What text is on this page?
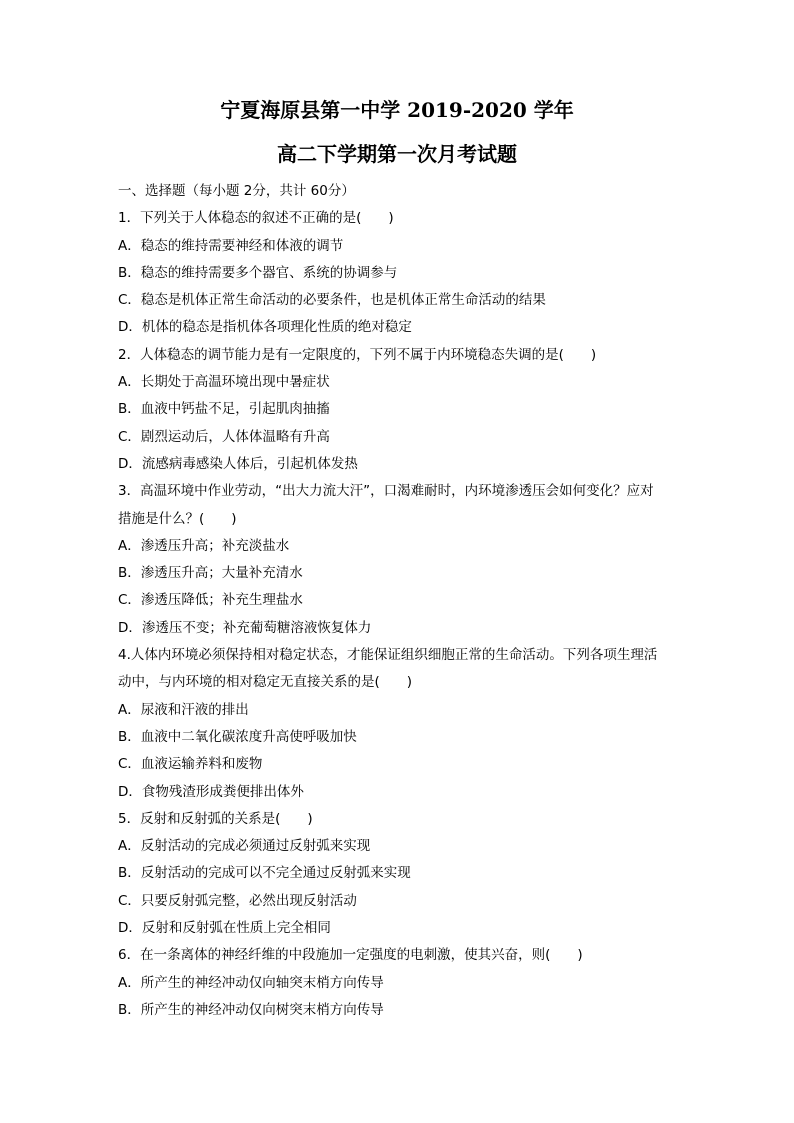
宁夏海原县第一中学 2019-2020 学年
高二下学期第一次月考试题
一、选择题（每小题 2分，共计 60分）
1．下列关于人体稳态的叙述不正确的是(　　)
A．稳态的维持需要神经和体液的调节
B．稳态的维持需要多个器官、系统的协调参与
C．稳态是机体正常生命活动的必要条件，也是机体正常生命活动的结果
D．机体的稳态是指机体各项理化性质的绝对稳定
2．人体稳态的调节能力是有一定限度的，下列不属于内环境稳态失调的是(　　)
A．长期处于高温环境出现中暑症状
B．血液中钙盐不足，引起肌肉抽搐
C．剧烈运动后，人体体温略有升高
D．流感病毒感染人体后，引起机体发热
3．高温环境中作业劳动，“出大力流大汗”，口渴难耐时，内环境渗透压会如何变化？应对
措施是什么？(　　)
A．渗透压升高；补充淡盐水
B．渗透压升高；大量补充清水
C．渗透压降低；补充生理盐水
D．渗透压不变；补充葡萄糖溶液恢复体力
4.人体内环境必须保持相对稳定状态，才能保证组织细胞正常的生命活动。下列各项生理活
动中，与内环境的相对稳定无直接关系的是(　　)
A．尿液和汗液的排出
B．血液中二氧化碳浓度升高使呼吸加快
C．血液运输养料和废物
D．食物残渣形成粪便排出体外
5．反射和反射弧的关系是(　　)
A．反射活动的完成必须通过反射弧来实现
B．反射活动的完成可以不完全通过反射弧来实现
C．只要反射弧完整，必然出现反射活动
D．反射和反射弧在性质上完全相同
6．在一条离体的神经纤维的中段施加一定强度的电刺激，使其兴奋，则(　　)
A．所产生的神经冲动仅向轴突末梢方向传导
B．所产生的神经冲动仅向树突末梢方向传导
